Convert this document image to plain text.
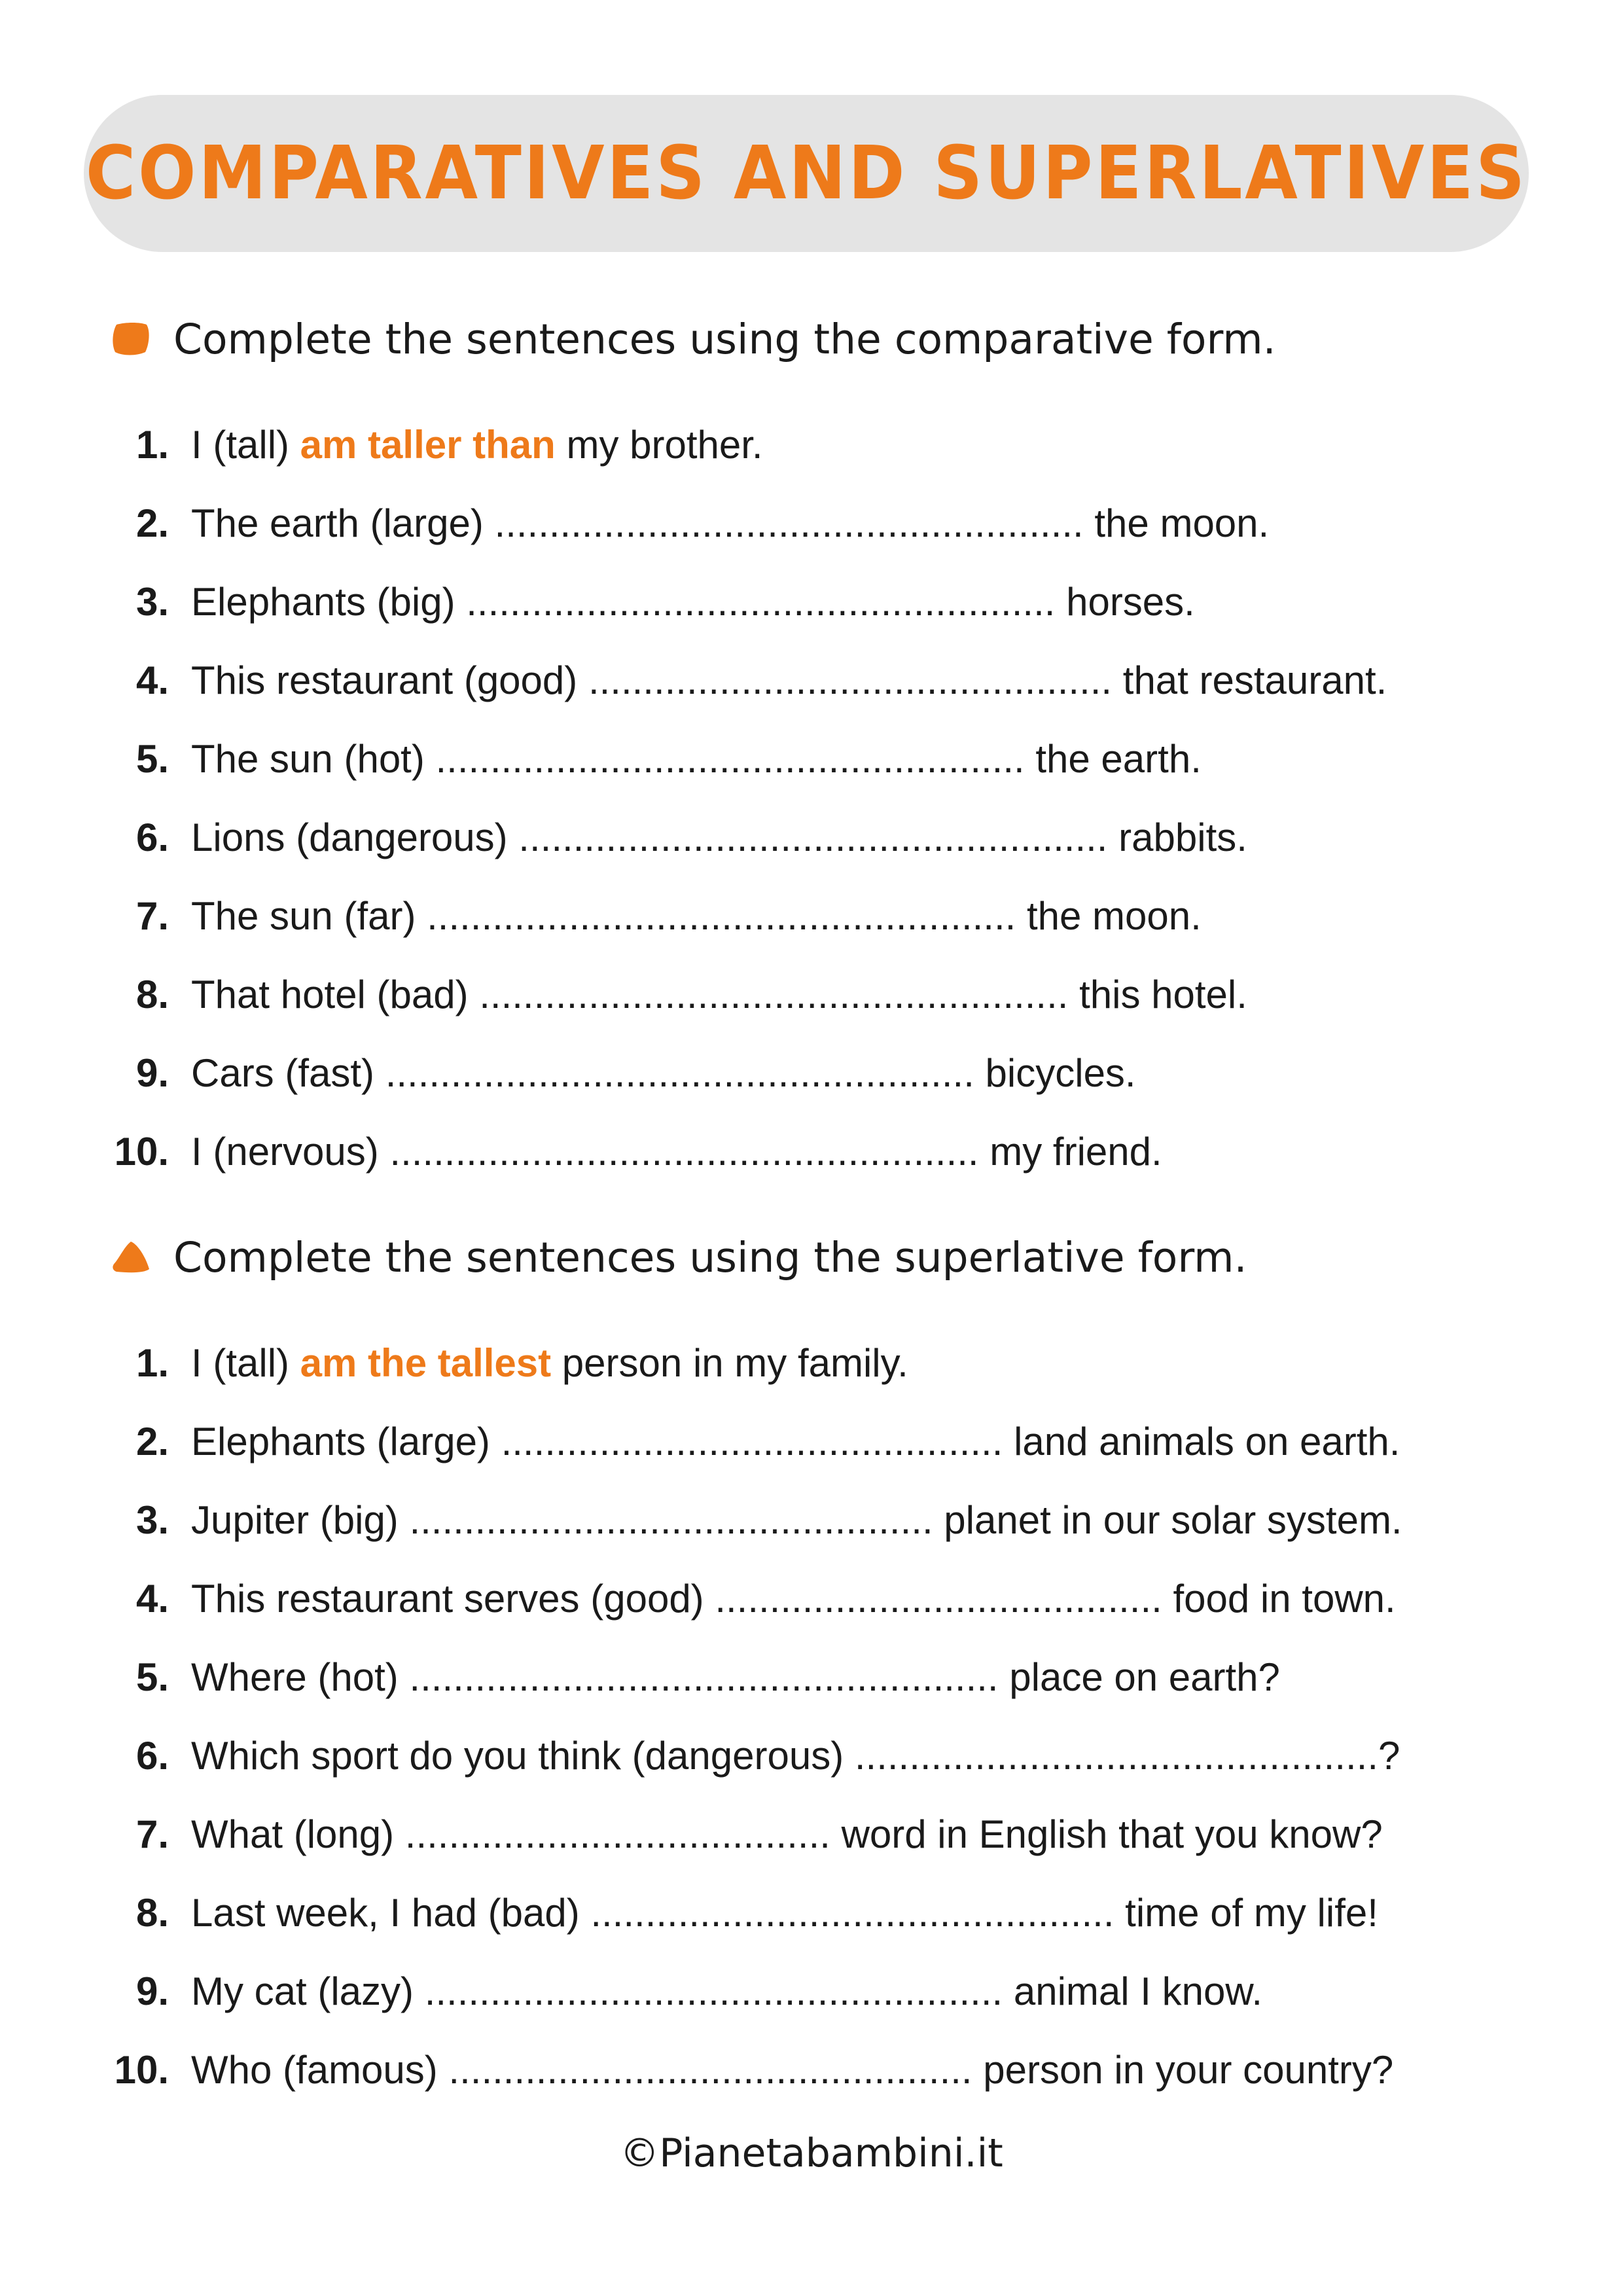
COMPARATIVES AND SUPERLATIVES
Complete the sentences using the comparative form.
1. I (tall) am taller than my brother.
2. The earth (large) ...................................................... the moon.
3. Elephants (big) ...................................................... horses.
4. This restaurant (good) ................................................ that restaurant.
5. The sun (hot) ...................................................... the earth.
6. Lions (dangerous) ...................................................... rabbits.
7. The sun (far) ...................................................... the moon.
8. That hotel (bad) ...................................................... this hotel.
9. Cars (fast) ...................................................... bicycles.
10. I (nervous) ...................................................... my friend.
Complete the sentences using the superlative form.
1. I (tall) am the tallest person in my family.
2. Elephants (large) .............................................. land animals on earth.
3. Jupiter (big) ................................................ planet in our solar system.
4. This restaurant serves (good) ......................................... food in town.
5. Where (hot) ...................................................... place on earth?
6. Which sport do you think (dangerous) ................................................?
7. What (long) ....................................... word in English that you know?
8. Last week, I had (bad) ................................................ time of my life!
9. My cat (lazy) ..................................................... animal I know.
10. Who (famous) ................................................ person in your country?
©Pianetabambini.it
